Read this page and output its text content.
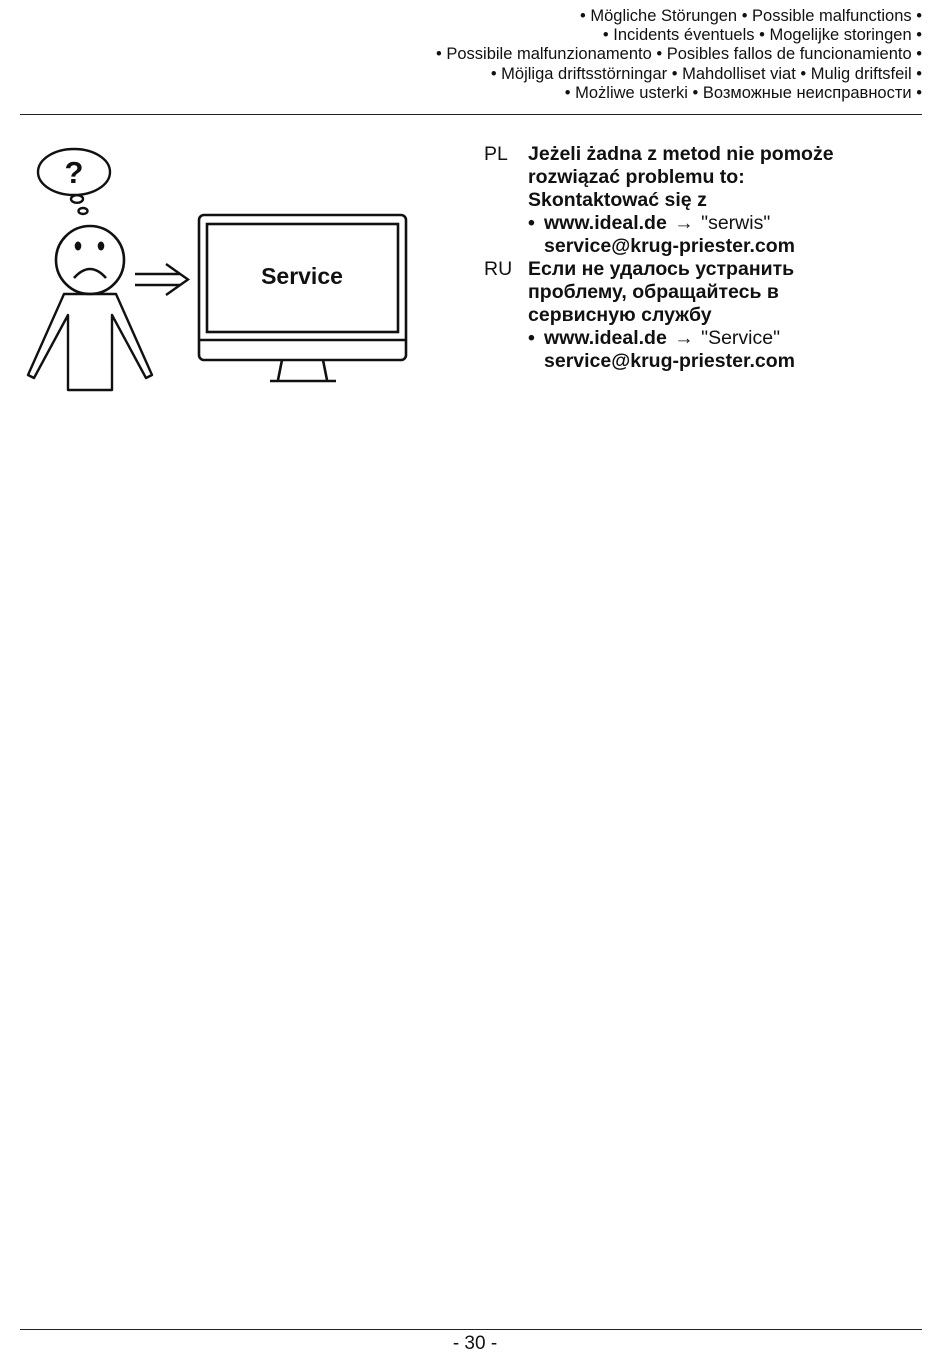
• Mögliche Störungen • Possible malfunctions •
• Incidents éventuels • Mogelijke storingen •
• Possibile malfunzionamento • Posibles fallos de funcionamiento •
• Möjliga driftsstörningar • Mahdolliset viat • Mulig driftsfeil •
• Możliwe usterki • Возможные неисправности •
?
Service
PL	Jeżeli żadna z metod nie pomoże
rozwiązać problemu to:
Skontaktować się z
• www.ideal.de → "serwis"
service@krug-priester.com
RU Если не удалось устранить
проблему, обращайтесь в
сервисную службу
• www.ideal.de → "Service"
service@krug-priester.com
- 30 -
